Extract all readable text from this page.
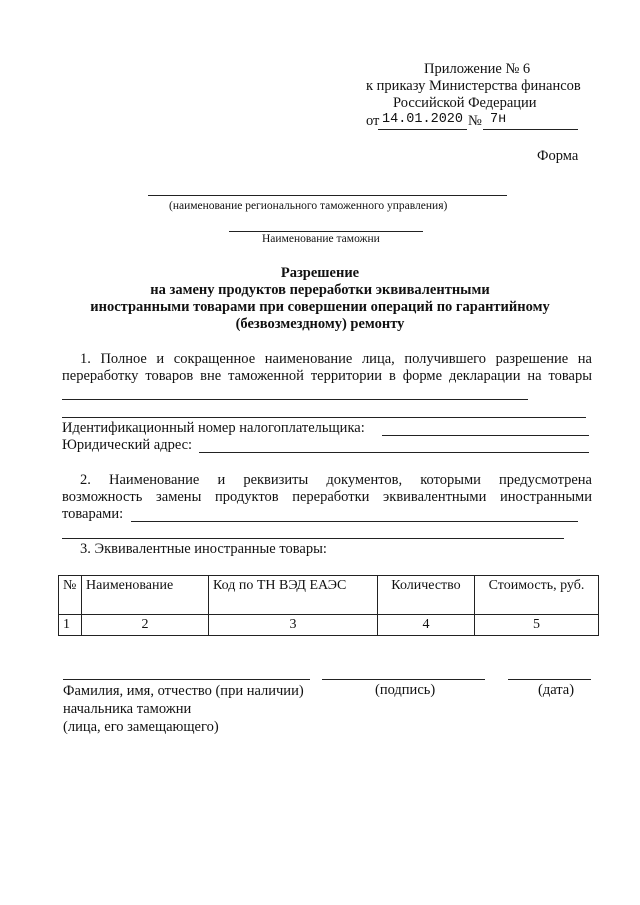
Приложение № 6
к приказу Министерства финансов
Российской Федерации
от 14.01.2020 № 7н
Форма
(наименование регионального таможенного управления)
Наименование таможни
Разрешение
на замену продуктов переработки эквивалентными
иностранными товарами при совершении операций по гарантийному
(безвозмездному) ремонту
1. Полное и сокращенное наименование лица, получившего разрешение на
переработку товаров вне таможенной территории в форме декларации на товары
Идентификационный номер налогоплательщика:
Юридический адрес:
2. Наименование и реквизиты документов, которыми предусмотрена
возможность замены продуктов переработки эквивалентными иностранными
товарами:
3. Эквивалентные иностранные товары:
№	Наименование	Код по ТН ВЭД ЕАЭС	Количество	Стоимость, руб.
1	2	3	4	5
Фамилия, имя, отчество (при наличии)	(подпись)	(дата)
начальника таможни
(лица, его замещающего)
